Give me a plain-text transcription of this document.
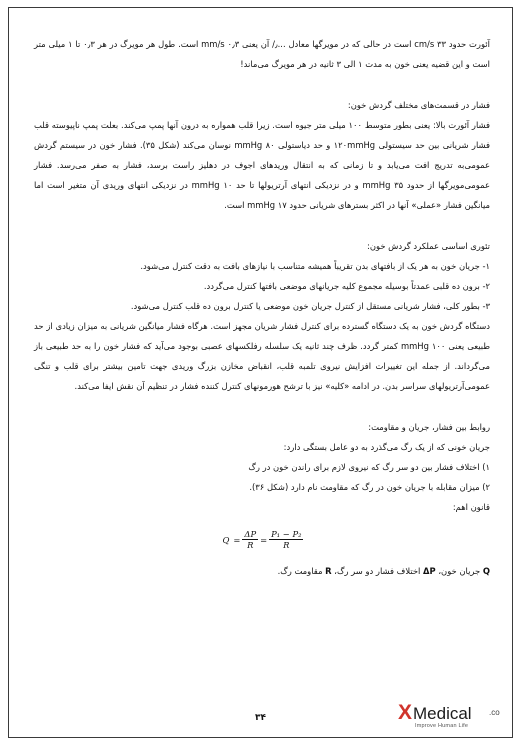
آئورت حدود ۳۳ cm/s است در حالی که در مویرگها معادل ...٫/ آن یعنی ۰٫۳ mm/s است. طول هر مویرگ در هر ۰٫۳ تا ۱ میلی متر است و این قضیه یعنی خون به مدت ۱ الی ۳ ثانیه در هر مویرگ می‌ماند!

فشار در قسمت‌های مختلف گردش خون:

فشار آئورت بالا: یعنی بطور متوسط ۱۰۰ میلی متر جیوه است. زیرا قلب همواره به درون آنها پمپ می‌کند. بعلت پمپ ناپیوسته قلب فشار شریانی بین حد سیستولی ۱۲۰mmHg و حد دیاستولی ۸۰ mmHg نوسان می‌کند (شکل ۳۵). فشار خون در سیستم گردش عمومی‌به تدریج افت می‌یابد و تا زمانی که به انتقال وریدهای اجوف در دهلیز راست برسد، فشار به صفر می‌رسد. فشار عمومی‌مویرگها از حدود ۳۵ mmHg و در نزدیکی انتهای آرتریولها تا حد ۱۰ mmHg در نزدیکی انتهای وریدی آن متغیر است اما میانگین فشار «عملی» آنها در اکثر بسترهای شریانی حدود ۱۷ mmHg است.

تئوری اساسی عملکرد گردش خون:

۱- جریان خون به هر یک از بافتهای بدن تقریباً همیشه متناسب با نیازهای بافت به دقت کنترل می‌شود.

۲- برون ده قلبی عمدتاً بوسیله مجموع کلیه جریانهای موضعی بافتها کنترل می‌گردد.

۳- بطور کلی، فشار شریانی مستقل از کنترل جریان خون موضعی یا کنترل برون ده قلب کنترل می‌شود.

دستگاه گردش خون به یک دستگاه گسترده برای کنترل فشار شریان مجهز است. هرگاه فشار میانگین شریانی به میزان زیادی از حد طبیعی یعنی ۱۰۰ mmHg کمتر گردد. ظرف چند ثانیه یک سلسله رفلکسهای عصبی بوجود می‌آید که فشار خون را به حد طبیعی باز می‌گرداند. از جمله این تغییرات افزایش نیروی تلمبه قلب، انقباض مخازن بزرگ وریدی جهت تامین بیشتر برای قلب و تنگی عمومی‌آرتریولهای سراسر بدن. در ادامه «کلیه» نیز با ترشح هورمونهای کنترل کننده فشار در تنظیم آن نقش ایفا می‌کند.

روابط بین فشار، جریان و مقاومت:

جریان خونی که از یک رگ می‌گذرد به دو عامل بستگی دارد:

۱) اختلاف فشار بین دو سر رگ که نیروی لازم برای راندن خون در رگ

۲) میزان مقابله با جریان خون در رگ که مقاومت نام دارد (شکل ۳۶).

قانون اهم:

$Q = \frac{\Delta P}{R} = \frac{\text{P₁ − P₂}}{R}$

Q جریان خون، ΔP اختلاف فشار دو سر رگ، R مقاومت رگ.

۳۴	X Medical .co
Improve Human Life
